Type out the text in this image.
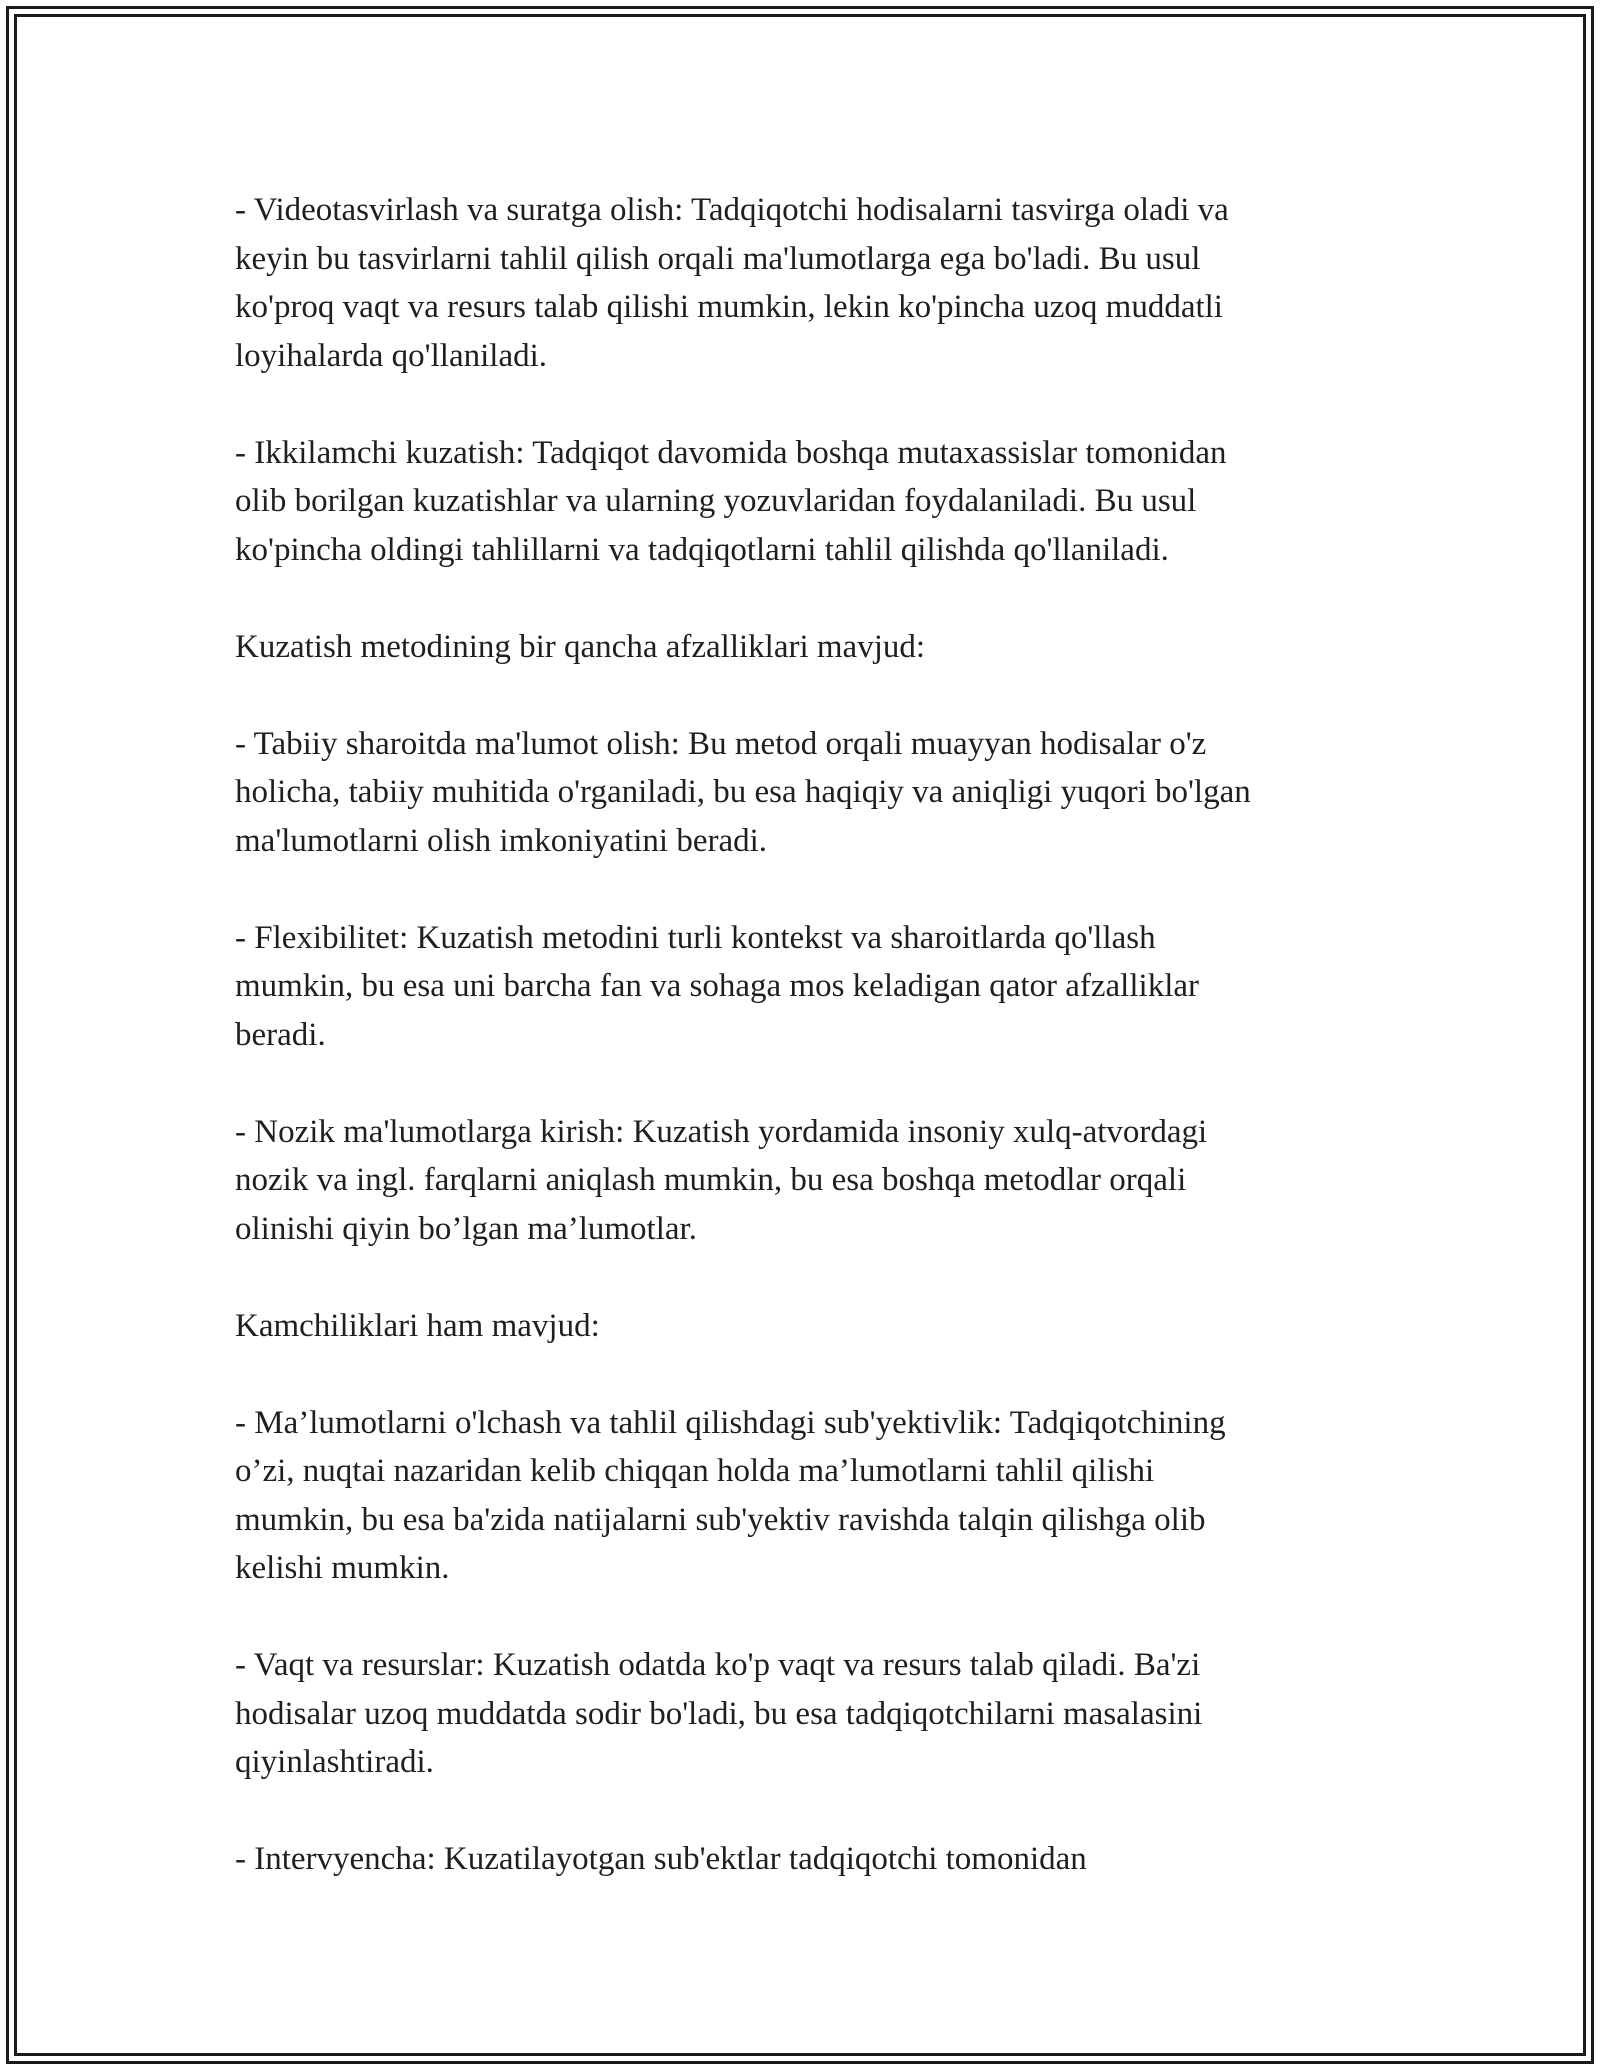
- Videotasvirlash va suratga olish: Tadqiqotchi hodisalarni tasvirga oladi va
keyin bu tasvirlarni tahlil qilish orqali ma'lumotlarga ega bo'ladi. Bu usul
ko'proq vaqt va resurs talab qilishi mumkin, lekin ko'pincha uzoq muddatli
loyihalarda qo'llaniladi.

- Ikkilamchi kuzatish: Tadqiqot davomida boshqa mutaxassislar tomonidan
olib borilgan kuzatishlar va ularning yozuvlaridan foydalaniladi. Bu usul
ko'pincha oldingi tahlillarni va tadqiqotlarni tahlil qilishda qo'llaniladi.

Kuzatish metodining bir qancha afzalliklari mavjud:

- Tabiiy sharoitda ma'lumot olish: Bu metod orqali muayyan hodisalar o'z
holicha, tabiiy muhitida o'rganiladi, bu esa haqiqiy va aniqligi yuqori bo'lgan
ma'lumotlarni olish imkoniyatini beradi.

- Flexibilitet: Kuzatish metodini turli kontekst va sharoitlarda qo'llash
mumkin, bu esa uni barcha fan va sohaga mos keladigan qator afzalliklar
beradi.

- Nozik ma'lumotlarga kirish: Kuzatish yordamida insoniy xulq-atvordagi
nozik va ingl. farqlarni aniqlash mumkin, bu esa boshqa metodlar orqali
olinishi qiyin bo’lgan ma’lumotlar.

Kamchiliklari ham mavjud:

- Ma’lumotlarni o'lchash va tahlil qilishdagi sub'yektivlik: Tadqiqotchining
o’zi, nuqtai nazaridan kelib chiqqan holda ma’lumotlarni tahlil qilishi
mumkin, bu esa ba'zida natijalarni sub'yektiv ravishda talqin qilishga olib
kelishi mumkin.

- Vaqt va resurslar: Kuzatish odatda ko'p vaqt va resurs talab qiladi. Ba'zi
hodisalar uzoq muddatda sodir bo'ladi, bu esa tadqiqotchilarni masalasini
qiyinlashtiradi.

- Intervyencha: Kuzatilayotgan sub'ektlar tadqiqotchi tomonidan
